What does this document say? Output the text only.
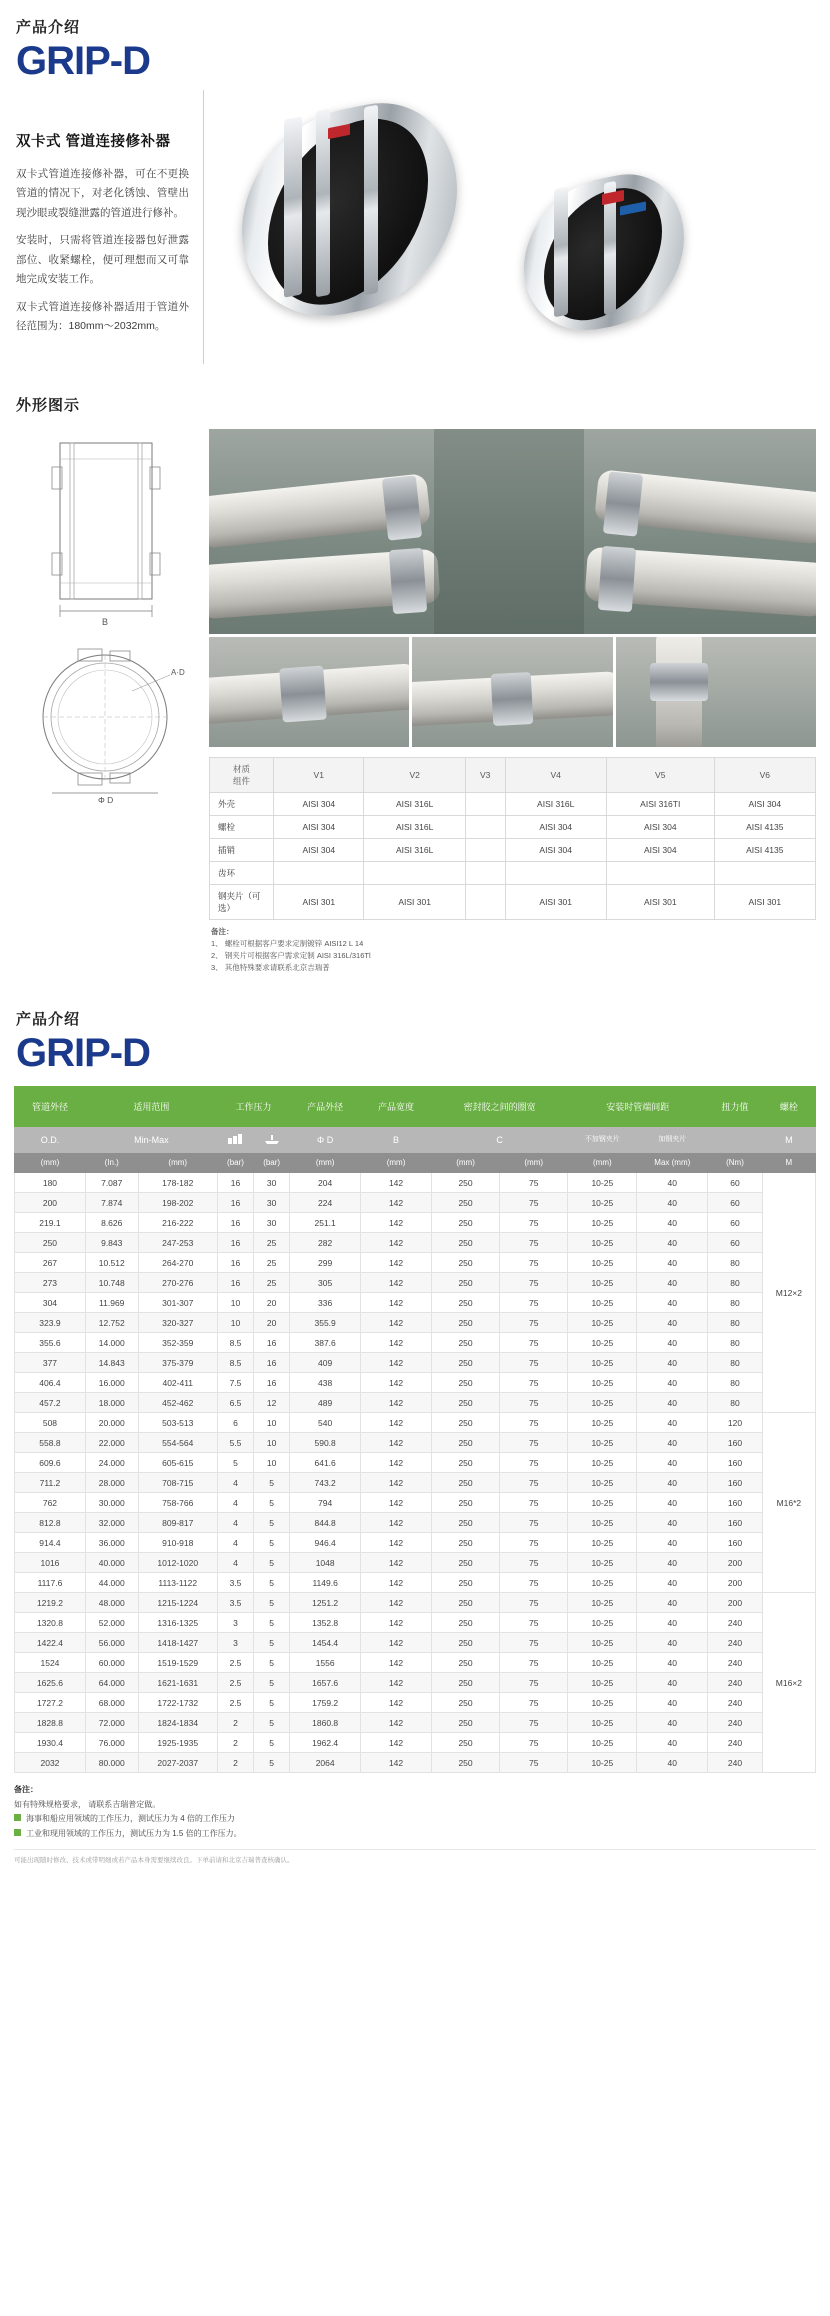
产品介绍
GRIP-D
双卡式 管道连接修补器

双卡式管道连接修补器，可在不更换管道的情况下，对老化锈蚀、管壁出现沙眼或裂缝泄露的管道进行修补。

安装时，只需将管道连接器包好泄露部位、收紧螺栓，便可理想而又可靠地完成安装工作。

双卡式管道连接修补器适用于管道外径范围为：180mm～2032mm。

外形图示
B
A·D
Φ D
材质
组件	V1	V2	V3	V4	V5	V6
外壳	AISI 304	AISI 316L		AISI 316L	AISI 316TI	AISI 304
螺栓	AISI 304	AISI 316L		AISI 304	AISI 304	AISI 4135
插销	AISI 304	AISI 316L		AISI 304	AISI 304	AISI 4135
齿环						
钢夹片（可选）	AISI 301	AISI 301		AISI 301	AISI 301	AISI 301
备注：
1、 螺栓可根据客户要求定制镀锌 AISI12 L 14
2、 钢夹片可根据客户需求定制 AISI 316L/316Tl
3、 其他特殊要求请联系北京吉瑞普
产品介绍
GRIP-D
管道外径	适用范围		工作压力		产品外径	产品宽度	密封胶之间的圈宽		安装时管端间距		扭力值	螺栓
O.D.	Min-Max				Φ D	B	C		不加钢夹片	加钢夹片		M
(mm)	(In.)	(mm)	(bar)	(bar)	(mm)	(mm)	(mm)	(mm)	(mm)	Max (mm)	(Nm)	M
180	7.087	178-182	16	30	204	142	250	75	10-25	40	60	M12×2
200	7.874	198-202	16	30	224	142	250	75	10-25	40	60	
219.1	8.626	216-222	16	30	251.1	142	250	75	10-25	40	60	
250	9.843	247-253	16	25	282	142	250	75	10-25	40	60	
267	10.512	264-270	16	25	299	142	250	75	10-25	40	80	
273	10.748	270-276	16	25	305	142	250	75	10-25	40	80	
304	11.969	301-307	10	20	336	142	250	75	10-25	40	80	
323.9	12.752	320-327	10	20	355.9	142	250	75	10-25	40	80	
355.6	14.000	352-359	8.5	16	387.6	142	250	75	10-25	40	80	
377	14.843	375-379	8.5	16	409	142	250	75	10-25	40	80	
406.4	16.000	402-411	7.5	16	438	142	250	75	10-25	40	80	
457.2	18.000	452-462	6.5	12	489	142	250	75	10-25	40	80	
508	20.000	503-513	6	10	540	142	250	75	10-25	40	120	M16*2
558.8	22.000	554-564	5.5	10	590.8	142	250	75	10-25	40	160	
609.6	24.000	605-615	5	10	641.6	142	250	75	10-25	40	160	
711.2	28.000	708-715	4	5	743.2	142	250	75	10-25	40	160	
762	30.000	758-766	4	5	794	142	250	75	10-25	40	160	
812.8	32.000	809-817	4	5	844.8	142	250	75	10-25	40	160	
914.4	36.000	910-918	4	5	946.4	142	250	75	10-25	40	160	
1016	40.000	1012-1020	4	5	1048	142	250	75	10-25	40	200	
1117.6	44.000	1113-1122	3.5	5	1149.6	142	250	75	10-25	40	200	
1219.2	48.000	1215-1224	3.5	5	1251.2	142	250	75	10-25	40	200	M16×2
1320.8	52.000	1316-1325	3	5	1352.8	142	250	75	10-25	40	240	
1422.4	56.000	1418-1427	3	5	1454.4	142	250	75	10-25	40	240	
1524	60.000	1519-1529	2.5	5	1556	142	250	75	10-25	40	240	
1625.6	64.000	1621-1631	2.5	5	1657.6	142	250	75	10-25	40	240	
1727.2	68.000	1722-1732	2.5	5	1759.2	142	250	75	10-25	40	240	
1828.8	72.000	1824-1834	2	5	1860.8	142	250	75	10-25	40	240	
1930.4	76.000	1925-1935	2	5	1962.4	142	250	75	10-25	40	240	
2032	80.000	2027-2037	2	5	2064	142	250	75	10-25	40	240	
备注：
如有特殊规格要求， 请联系吉瑞普定做。
海事和船应用领域的工作压力，测试压力为 4 倍的工作压力
工业和现用领域的工作压力，测试压力为 1.5 倍的工作压力。
可能出现随时修改、技术或带明细或若产品本身需要继续改良。下单前请和北京吉瑞普查核确认。
